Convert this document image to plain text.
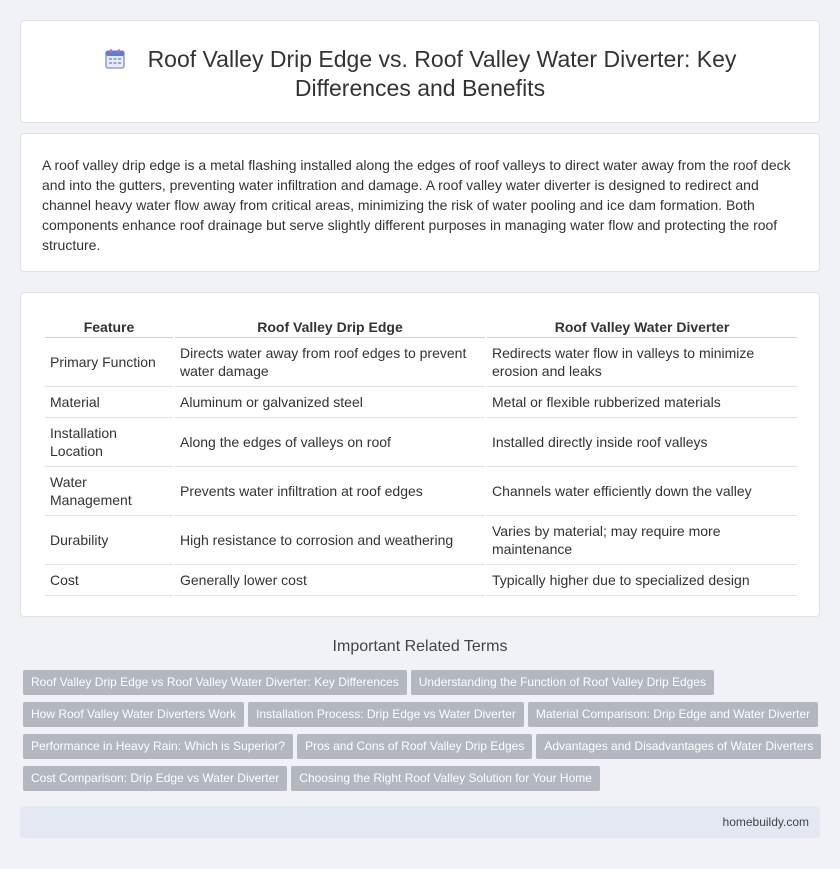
Roof Valley Drip Edge vs. Roof Valley Water Diverter: Key Differences and Benefits

A roof valley drip edge is a metal flashing installed along the edges of roof valleys to direct water away from the roof deck and into the gutters, preventing water infiltration and damage. A roof valley water diverter is designed to redirect and channel heavy water flow away from critical areas, minimizing the risk of water pooling and ice dam formation. Both components enhance roof drainage but serve slightly different purposes in managing water flow and protecting the roof structure.

Feature	Roof Valley Drip Edge	Roof Valley Water Diverter
Primary Function	Directs water away from roof edges to prevent water damage	Redirects water flow in valleys to minimize erosion and leaks
Material	Aluminum or galvanized steel	Metal or flexible rubberized materials
Installation Location	Along the edges of valleys on roof	Installed directly inside roof valleys
Water Management	Prevents water infiltration at roof edges	Channels water efficiently down the valley
Durability	High resistance to corrosion and weathering	Varies by material; may require more maintenance
Cost	Generally lower cost	Typically higher due to specialized design
Important Related Terms
Roof Valley Drip Edge vs Roof Valley Water Diverter: Key Differences Understanding the Function of Roof Valley Drip Edges
How Roof Valley Water Diverters Work Installation Process: Drip Edge vs Water Diverter Material Comparison: Drip Edge and Water Diverter
Performance in Heavy Rain: Which is Superior? Pros and Cons of Roof Valley Drip Edges Advantages and Disadvantages of Water Diverters
Cost Comparison: Drip Edge vs Water Diverter Choosing the Right Roof Valley Solution for Your Home
homebuildy.com
